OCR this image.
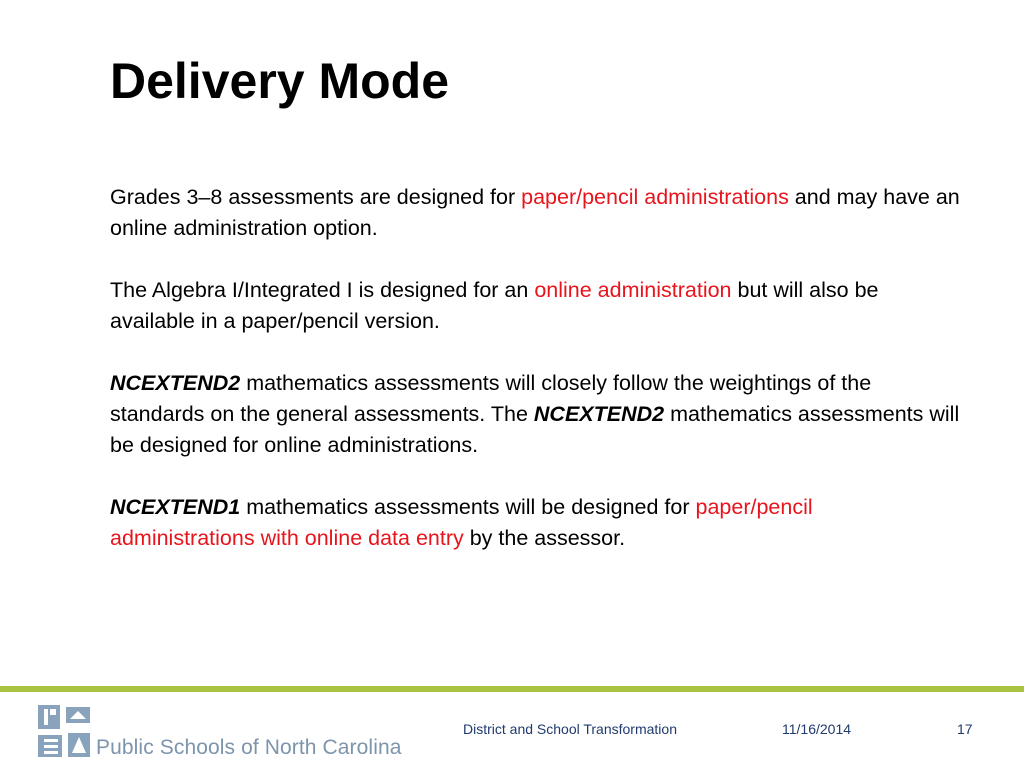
Delivery Mode

Grades 3–8 assessments are designed for paper/pencil administrations and may have an online administration option.

The Algebra I/Integrated I is designed for an online administration but will also be available in a paper/pencil version.

NCEXTEND2 mathematics assessments will closely follow the weightings of the standards on the general assessments. The NCEXTEND2 mathematics assessments will be designed for online administrations.

NCEXTEND1 mathematics assessments will be designed for paper/pencil administrations with online data entry by the assessor.

Public Schools of North Carolina
District and School Transformation	11/16/2014	17
